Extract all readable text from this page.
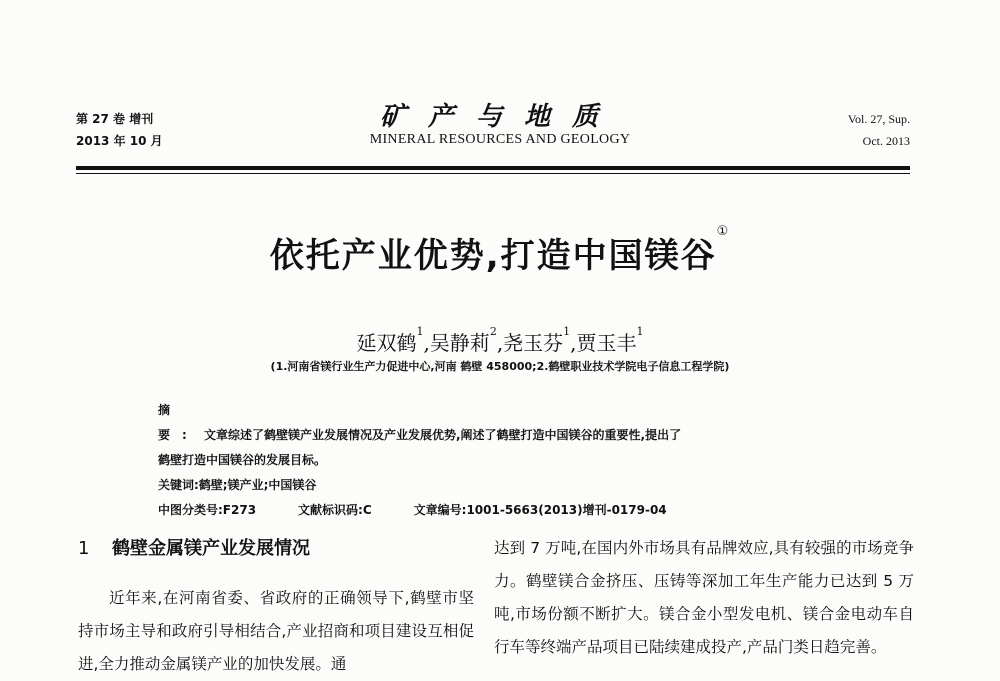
第 27 卷 增刊
2013 年 10 月
矿产与地质
MINERAL RESOURCES AND GEOLOGY
Vol. 27, Sup.
Oct. 2013
依托产业优势,打造中国镁谷①
延双鹤$^1$,吴静莉$^2$,尧玉芬$^1$,贾玉丰$^1$
(1.河南省镁行业生产力促进中心,河南 鹤壁 458000;2.鹤壁职业技术学院电子信息工程学院)
摘要: 文章综述了鹤壁镁产业发展情况及产业发展优势,阐述了鹤壁打造中国镁谷的重要性,提出了
鹤壁打造中国镁谷的发展目标。
关键词:鹤壁;镁产业;中国镁谷
中图分类号:F273	文献标识码:C	文章编号:1001-5663(2013)增刊-0179-04
1 鹤壁金属镁产业发展情况
近年来,在河南省委、省政府的正确领导下,鹤壁市坚持市场主导和政府引导相结合,产业招商和项目建设互相促进,全力推动金属镁产业的加快发展。通
达到 7 万吨,在国内外市场具有品牌效应,具有较强的市场竞争力。鹤壁镁合金挤压、压铸等深加工年生产能力已达到 5 万吨,市场份额不断扩大。镁合金小型发电机、镁合金电动车自行车等终端产品项目已陆续建成投产,产品门类日趋完善。
